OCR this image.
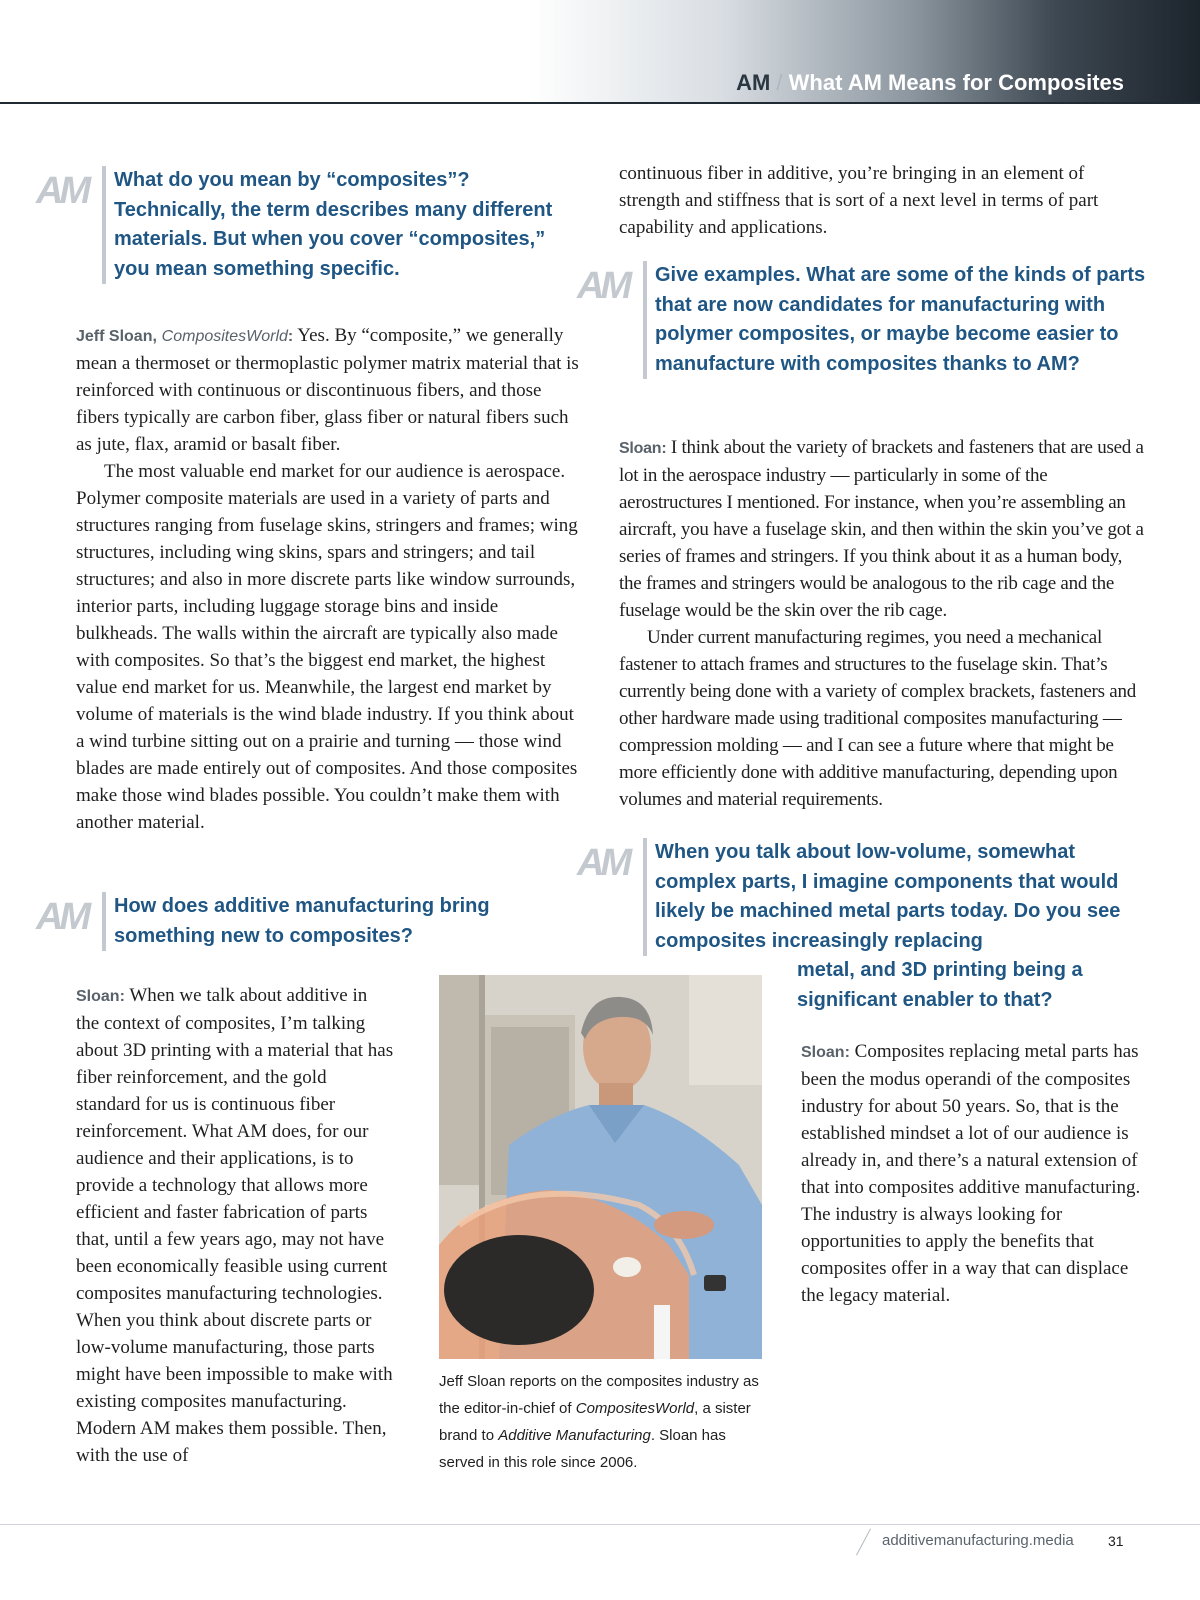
AM / What AM Means for Composites
AM	What do you mean by “composites”? Technically, the term describes many different materials. But when you cover “composites,” you mean something specific.

Jeff Sloan, CompositesWorld: Yes. By “composite,” we generally mean a thermoset or thermoplastic polymer matrix material that is reinforced with continuous or discontinuous fibers, and those fibers typically are carbon fiber, glass fiber or natural fibers such as jute, flax, aramid or basalt fiber.

The most valuable end market for our audience is aerospace. Polymer composite materials are used in a variety of parts and structures ranging from fuselage skins, stringers and frames; wing structures, including wing skins, spars and stringers; and tail structures; and also in more discrete parts like window surrounds, interior parts, including luggage storage bins and inside bulkheads. The walls within the aircraft are typically also made with composites. So that’s the biggest end market, the highest value end market for us. Meanwhile, the largest end market by volume of materials is the wind blade industry. If you think about a wind turbine sitting out on a prairie and turning — those wind blades are made entirely out of composites. And those composites make those wind blades possible. You couldn’t make them with another material.

AM	How does additive manufacturing bring something new to composites?

Sloan: When we talk about additive in the context of composites, I’m talking about 3D printing with a material that has fiber reinforcement, and the gold standard for us is continuous fiber reinforcement. What AM does, for our audience and their applications, is to provide a technology that allows more efficient and faster fabrication of parts that, until a few years ago, may not have been economically feasible using current composites manufacturing technologies. When you think about discrete parts or low-volume manufacturing, those parts might have been impossible to make with existing composites manufacturing. Modern AM makes them possible. Then, with the use of

continuous fiber in additive, you’re bringing in an element of strength and stiffness that is sort of a next level in terms of part capability and applications.

AM	Give examples. What are some of the kinds of parts that are now candidates for manufacturing with polymer composites, or maybe become easier to manufacture with composites thanks to AM?

Sloan: I think about the variety of brackets and fasteners that are used a lot in the aerospace industry — particularly in some of the aerostructures I mentioned. For instance, when you’re assembling an aircraft, you have a fuselage skin, and then within the skin you’ve got a series of frames and stringers. If you think about it as a human body, the frames and stringers would be analogous to the rib cage and the fuselage would be the skin over the rib cage.

Under current manufacturing regimes, you need a mechanical fastener to attach frames and structures to the fuselage skin. That’s currently being done with a variety of complex brackets, fasteners and other hardware made using traditional composites manufacturing — compression molding — and I can see a future where that might be more efficiently done with additive manufacturing, depending upon volumes and material requirements.

AM	When you talk about low-volume, somewhat complex parts, I imagine components that would likely be machined metal parts today. Do you see composites increasingly replacing
metal, and 3D printing being a significant enabler to that?

Sloan: Composites replacing metal parts has been the modus operandi of the composites industry for about 50 years. So, that is the established mindset a lot of our audience is already in, and there’s a natural extension of that into composites additive manufacturing. The industry is always looking for opportunities to apply the benefits that composites offer in a way that can displace the legacy material.

Jeff Sloan reports on the composites industry as the editor-in-chief of CompositesWorld, a sister brand to Additive Manufacturing. Sloan has served in this role since 2006.

additivemanufacturing.media 31
